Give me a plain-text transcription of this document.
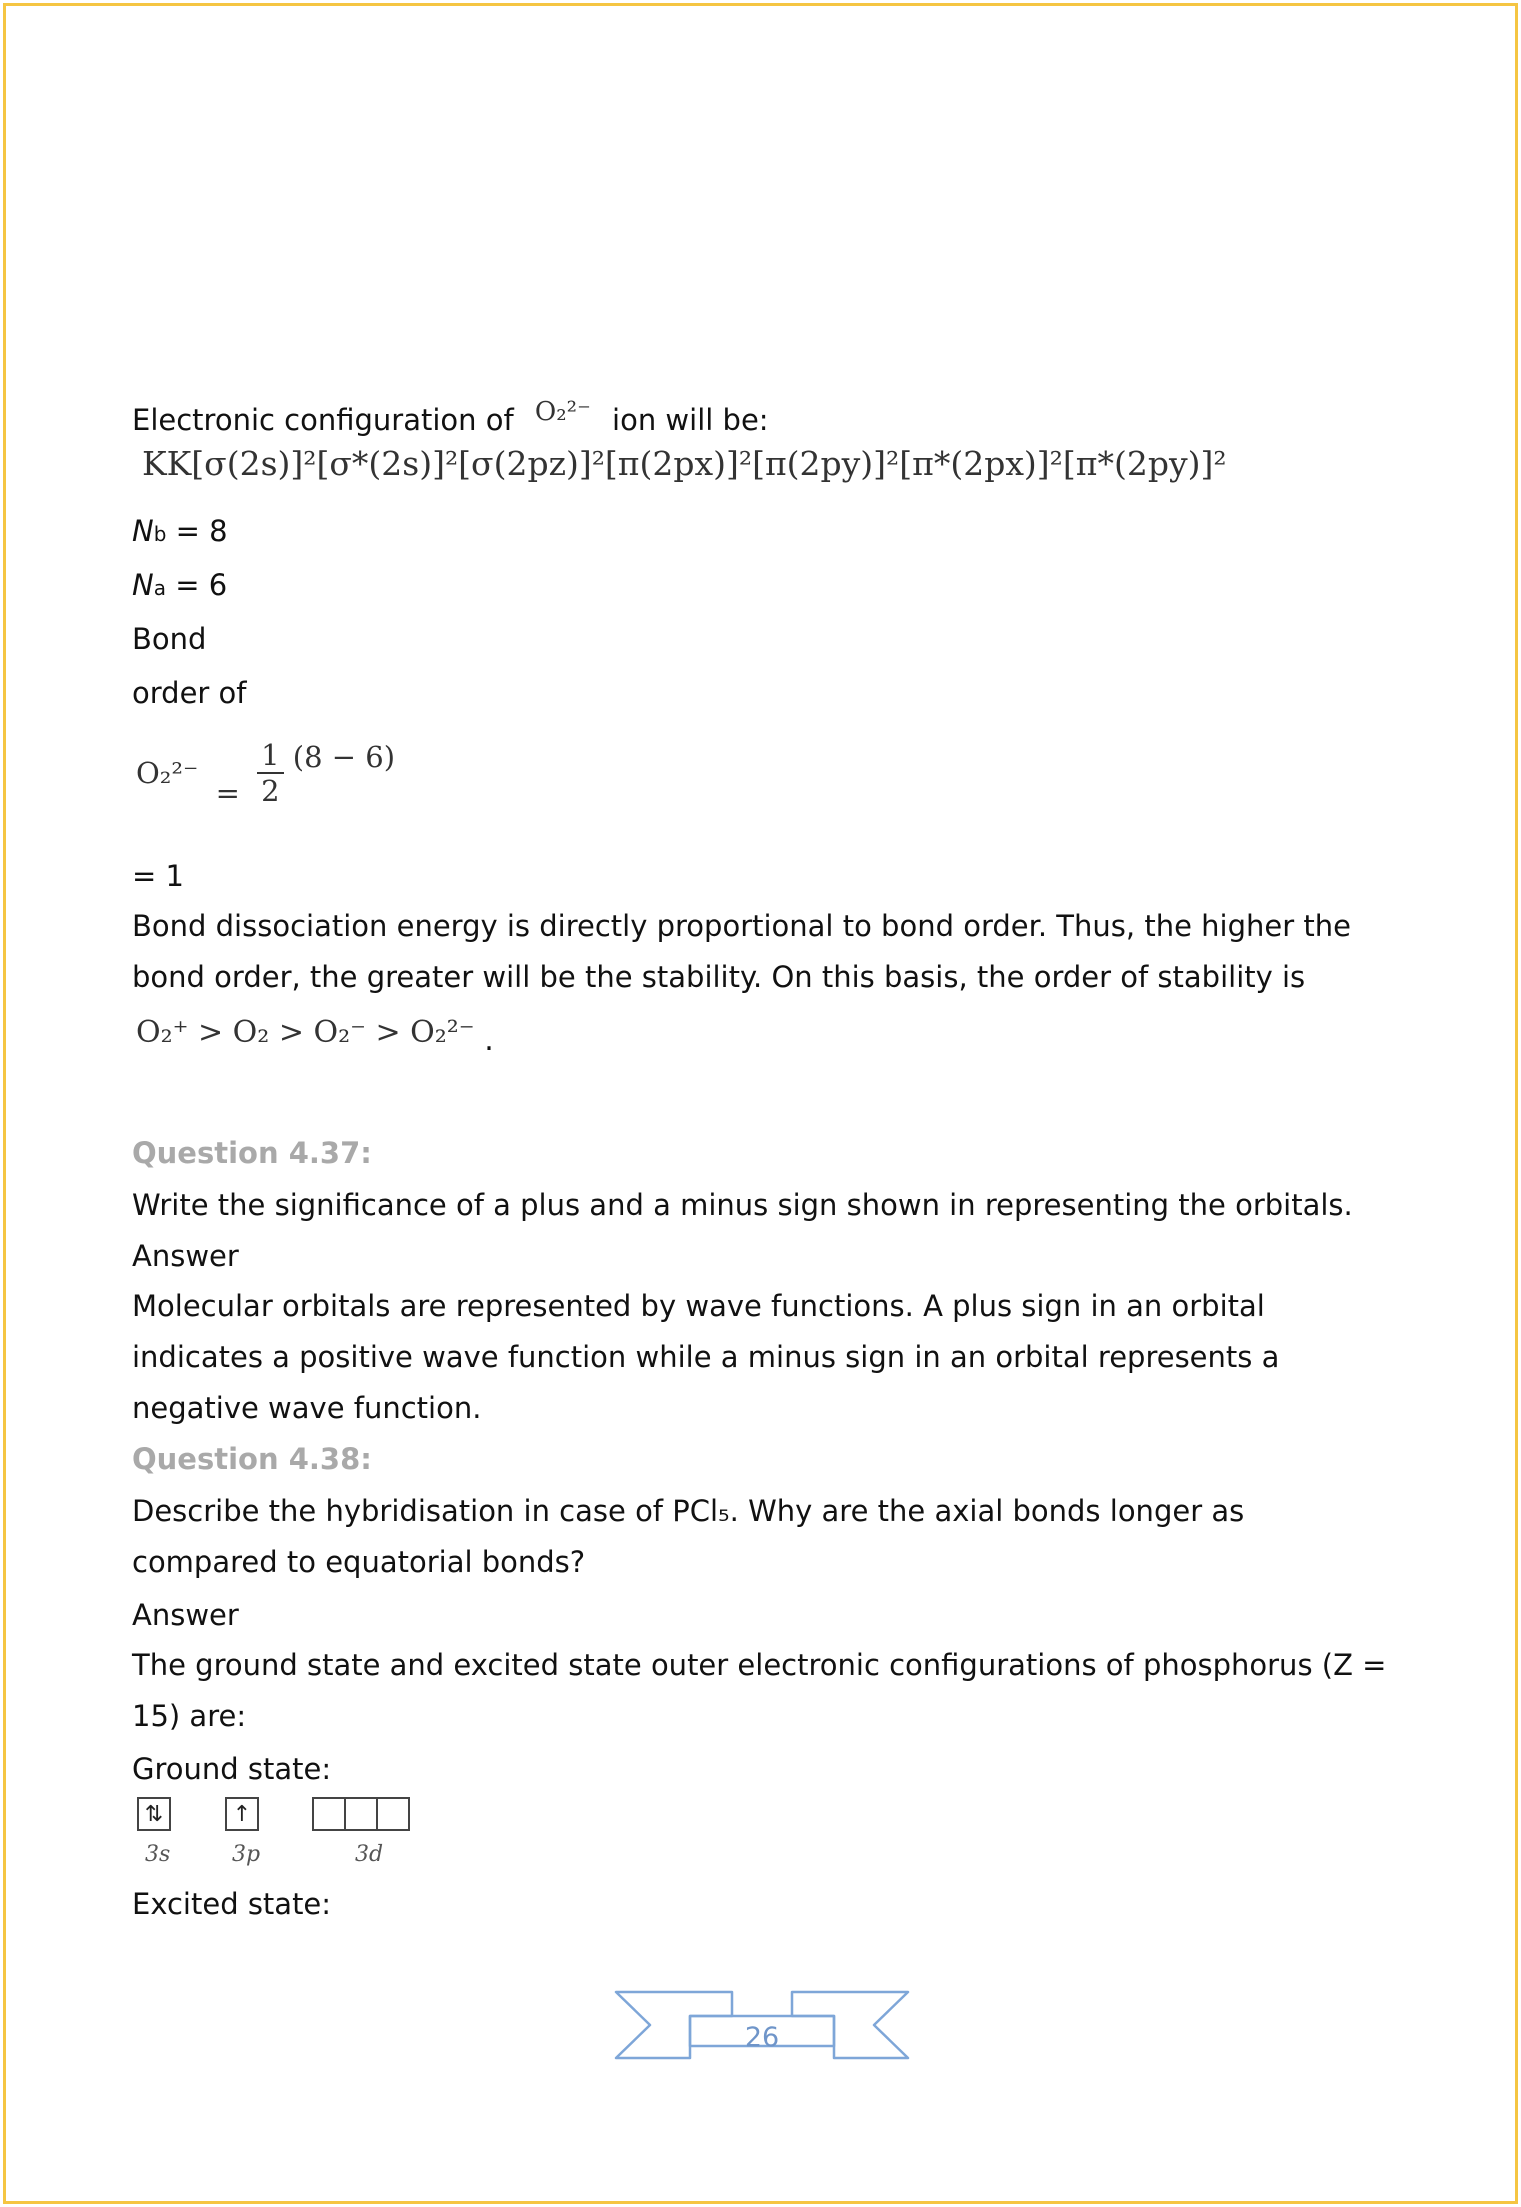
Electronic configuration of O₂²⁻ ion will be:
KK[σ(2s)]²[σ*(2s)]²[σ(2pz)]²[π(2px)]²[π(2py)]²[π*(2px)]²[π*(2py)]²
Nb = 8
Na = 6
Bond
order of
$O_2^{2-} = \frac{1}{2} (8 - 6)$
= 1
Bond dissociation energy is directly proportional to bond order. Thus, the higher the bond order, the greater will be the stability. On this basis, the order of stability is
O₂⁺ > O₂ > O₂⁻ > O₂²⁻ .
Question 4.37:
Write the significance of a plus and a minus sign shown in representing the orbitals.
Answer
Molecular orbitals are represented by wave functions. A plus sign in an orbital indicates a positive wave function while a minus sign in an orbital represents a negative wave function.
Question 4.38:
Describe the hybridisation in case of PCl₅. Why are the axial bonds longer as compared to equatorial bonds?
Answer
The ground state and excited state outer electronic configurations of phosphorus (Z = 15) are:
Ground state:
⇅	↑
3s	3p	3d
Excited state:
26
